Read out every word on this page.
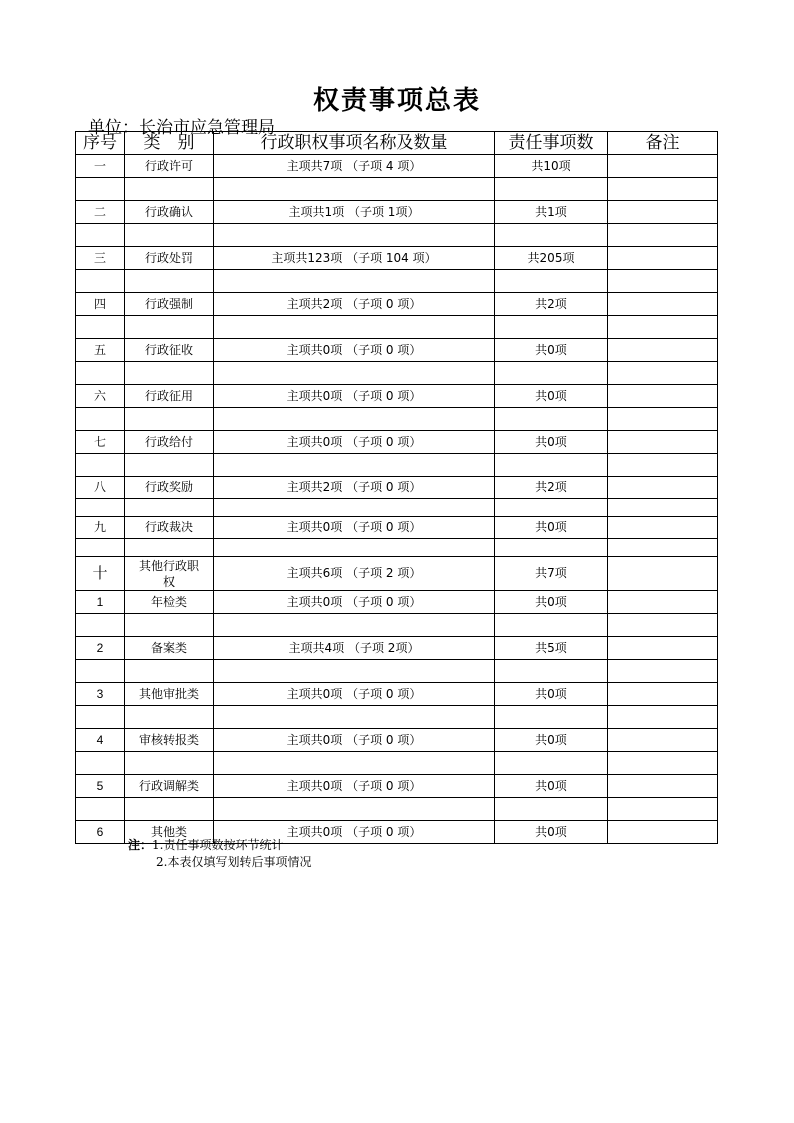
权责事项总表
单位：长治市应急管理局
序号	类　别	行政职权事项名称及数量	责任事项数	备注
一	行政许可	主项共7项 （子项 4 项）	共10项	

二	行政确认	主项共1项 （子项 1项）	共1项	

三	行政处罚	主项共123项 （子项 104 项）	共205项	

四	行政强制	主项共2项 （子项 0 项）	共2项	

五	行政征收	主项共0项 （子项 0 项）	共0项	

六	行政征用	主项共0项 （子项 0 项）	共0项	

七	行政给付	主项共0项 （子项 0 项）	共0项	

八	行政奖励	主项共2项 （子项 0 项）	共2项	

九	行政裁决	主项共0项 （子项 0 项）	共0项	

十	其他行政职权	主项共6项 （子项 2 项）	共7项	
1	年检类	主项共0项 （子项 0 项）	共0项	

2	备案类	主项共4项 （子项 2项）	共5项	

3	其他审批类	主项共0项 （子项 0 项）	共0项	

4	审核转报类	主项共0项 （子项 0 项）	共0项	

5	行政调解类	主项共0项 （子项 0 项）	共0项	

6	其他类	主项共0项 （子项 0 项）	共0项	
注：1.责任事项数按环节统计
2.本表仅填写划转后事项情况
